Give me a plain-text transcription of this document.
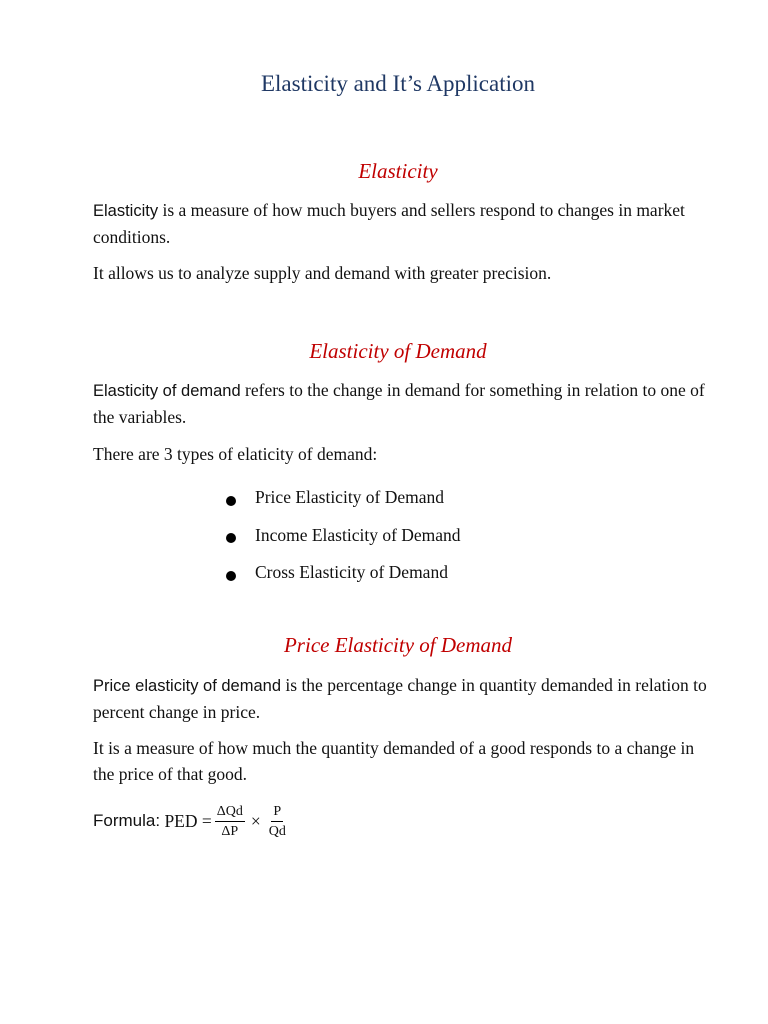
Elasticity and It’s Application
Elasticity

Elasticity is a measure of how much buyers and sellers respond to changes in market conditions.

It allows us to analyze supply and demand with greater precision.

Elasticity of Demand

Elasticity of demand refers to the change in demand for something in relation to one of the variables.

There are 3 types of elaticity of demand:

Price Elasticity of Demand
Income Elasticity of Demand
Cross Elasticity of Demand
Price Elasticity of Demand

Price elasticity of demand is the percentage change in quantity demanded in relation to percent change in price.

It is a measure of how much the quantity demanded of a good responds to a change in the price of that good.

Formula: PED = $\frac{\text{ΔQd}}{\Delta P} \times \frac{P}{Qd}$
